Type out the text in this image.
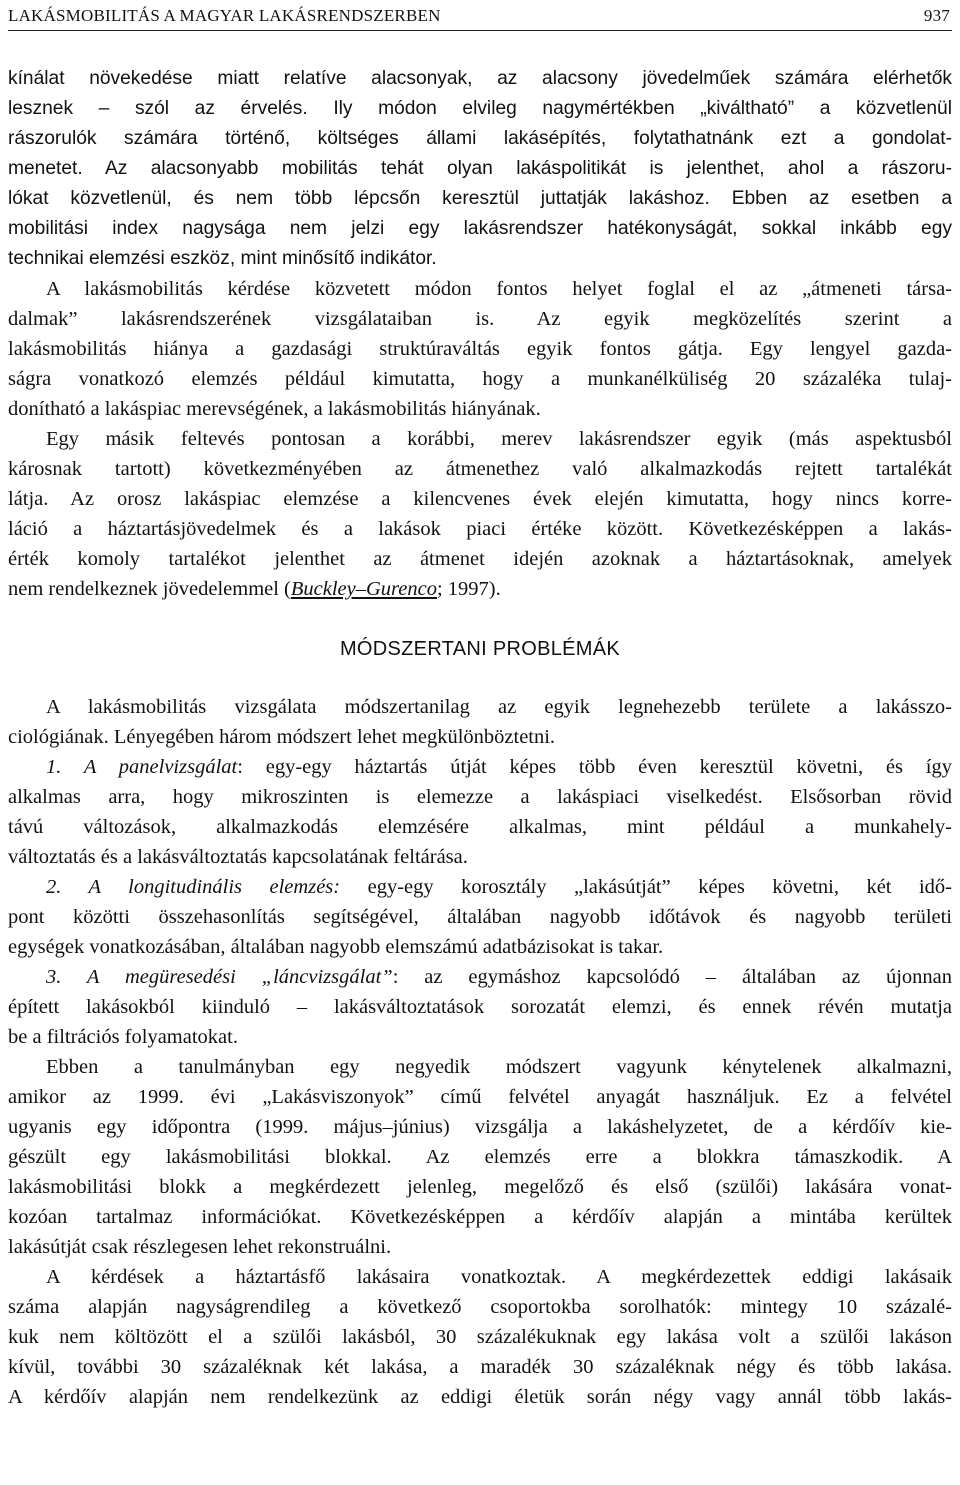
LAKÁSMOBILITÁS A MAGYAR LAKÁSRENDSZERBEN	937
kínálat növekedése miatt relatíve alacsonyak, az alacsony jövedelműek számára elérhetők
lesznek – szól az érvelés. Ily módon elvileg nagymértékben „kiváltható” a közvetlenül
rászorulók számára történő, költséges állami lakásépítés, folytathatnánk ezt a gondolat-
menetet. Az alacsonyabb mobilitás tehát olyan lakáspolitikát is jelenthet, ahol a rászoru-
lókat közvetlenül, és nem több lépcsőn keresztül juttatják lakáshoz. Ebben az esetben a
mobilitási index nagysága nem jelzi egy lakásrendszer hatékonyságát, sokkal inkább egy
technikai elemzési eszköz, mint minősítő indikátor.
A lakásmobilitás kérdése közvetett módon fontos helyet foglal el az „átmeneti társa-
dalmak” lakásrendszerének vizsgálataiban is. Az egyik megközelítés szerint a
lakásmobilitás hiánya a gazdasági struktúraváltás egyik fontos gátja. Egy lengyel gazda-
ságra vonatkozó elemzés például kimutatta, hogy a munkanélküliség 20 százaléka tulaj-
donítható a lakáspiac merevségének, a lakásmobilitás hiányának.
Egy másik feltevés pontosan a korábbi, merev lakásrendszer egyik (más aspektusból
károsnak tartott) következményében az átmenethez való alkalmazkodás rejtett tartalékát
látja. Az orosz lakáspiac elemzése a kilencvenes évek elején kimutatta, hogy nincs korre-
láció a háztartásjövedelmek és a lakások piaci értéke között. Következésképpen a lakás-
érték komoly tartalékot jelenthet az átmenet idején azoknak a háztartásoknak, amelyek
nem rendelkeznek jövedelemmel (Buckley–Gurenco; 1997).
MÓDSZERTANI PROBLÉMÁK
A lakásmobilitás vizsgálata módszertanilag az egyik legnehezebb területe a lakásszo-
ciológiának. Lényegében három módszert lehet megkülönböztetni.
1. A panelvizsgálat: egy-egy háztartás útját képes több éven keresztül követni, és így
alkalmas arra, hogy mikroszinten is elemezze a lakáspiaci viselkedést. Elsősorban rövid
távú változások, alkalmazkodás elemzésére alkalmas, mint például a munkahely-
változtatás és a lakásváltoztatás kapcsolatának feltárása.
2. A longitudinális elemzés: egy-egy korosztály „lakásútját” képes követni, két idő-
pont közötti összehasonlítás segítségével, általában nagyobb időtávok és nagyobb területi
egységek vonatkozásában, általában nagyobb elemszámú adatbázisokat is takar.
3. A megüresedési „láncvizsgálat”: az egymáshoz kapcsolódó – általában az újonnan
épített lakásokból kiinduló – lakásváltoztatások sorozatát elemzi, és ennek révén mutatja
be a filtrációs folyamatokat.
Ebben a tanulmányban egy negyedik módszert vagyunk kénytelenek alkalmazni,
amikor az 1999. évi „Lakásviszonyok” című felvétel anyagát használjuk. Ez a felvétel
ugyanis egy időpontra (1999. május–június) vizsgálja a lakáshelyzetet, de a kérdőív kie-
gészült egy lakásmobilitási blokkal. Az elemzés erre a blokkra támaszkodik. A
lakásmobilitási blokk a megkérdezett jelenleg, megelőző és első (szülői) lakására vonat-
kozóan tartalmaz információkat. Következésképpen a kérdőív alapján a mintába kerültek
lakásútját csak részlegesen lehet rekonstruálni.
A kérdések a háztartásfő lakásaira vonatkoztak. A megkérdezettek eddigi lakásaik
száma alapján nagyságrendileg a következő csoportokba sorolhatók: mintegy 10 százalé-
kuk nem költözött el a szülői lakásból, 30 százalékuknak egy lakása volt a szülői lakáson
kívül, további 30 százaléknak két lakása, a maradék 30 százaléknak négy és több lakása.
A kérdőív alapján nem rendelkezünk az eddigi életük során négy vagy annál több lakás-
